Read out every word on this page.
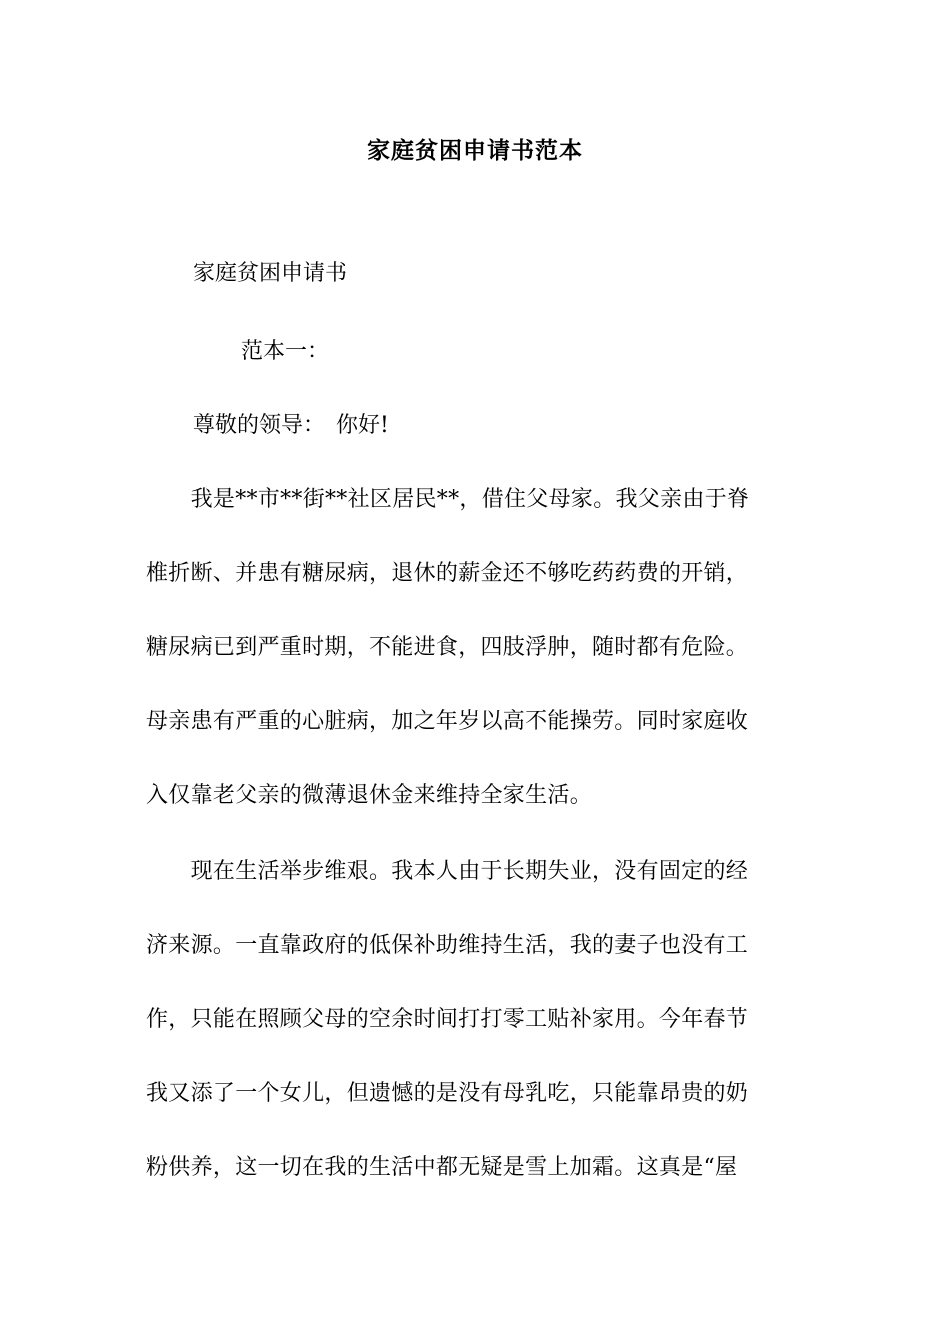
家庭贫困申请书范本
家庭贫困申请书
范本一：
尊敬的领导：　你好!
　　我是**市**街**社区居民**，借住父母家。我父亲由于脊
椎折断、并患有糖尿病，退休的薪金还不够吃药药费的开销，
糖尿病已到严重时期，不能进食，四肢浮肿，随时都有危险。
母亲患有严重的心脏病，加之年岁以高不能操劳。同时家庭收
入仅靠老父亲的微薄退休金来维持全家生活。
　　现在生活举步维艰。我本人由于长期失业，没有固定的经
济来源。一直靠政府的低保补助维持生活，我的妻子也没有工
作，只能在照顾父母的空余时间打打零工贴补家用。今年春节
我又添了一个女儿，但遗憾的是没有母乳吃，只能靠昂贵的奶
粉供养，这一切在我的生活中都无疑是雪上加霜。这真是“屋
